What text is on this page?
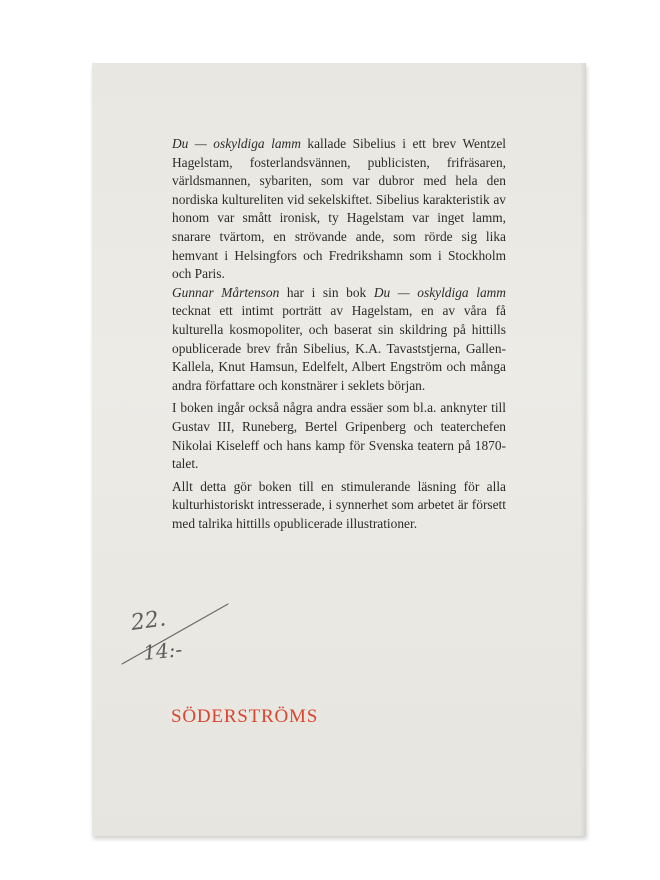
Du — oskyldiga lamm kallade Sibelius i ett brev Wentzel Hagelstam, fosterlandsvännen, publicisten, frifräsaren, världsmannen, sybariten, som var dubror med hela den nordiska kultureliten vid sekelskiftet. Sibelius karakteristik av honom var smått ironisk, ty Hagelstam var inget lamm, snarare tvärtom, en strövande ande, som rörde sig lika hemvant i Helsingfors och Fredrikshamn som i Stockholm och Paris.

Gunnar Mårtenson har i sin bok Du — oskyldiga lamm tecknat ett intimt porträtt av Hagelstam, en av våra få kulturella kosmopoliter, och baserat sin skildring på hittills opublicerade brev från Sibelius, K.A. Tavaststjerna, Gallen-Kallela, Knut Hamsun, Edelfelt, Albert Engström och många andra författare och konstnärer i seklets början.

I boken ingår också några andra essäer som bl.a. anknyter till Gustav III, Runeberg, Bertel Gripenberg och teaterchefen Nikolai Kiseleff och hans kamp för Svenska teatern på 1870-talet.

Allt detta gör boken till en stimulerande läsning för alla kulturhistoriskt intresserade, i synnerhet som arbetet är försett med talrika hittills opublicerade illustrationer.

22.
14:-
SÖDERSTRÖMS
